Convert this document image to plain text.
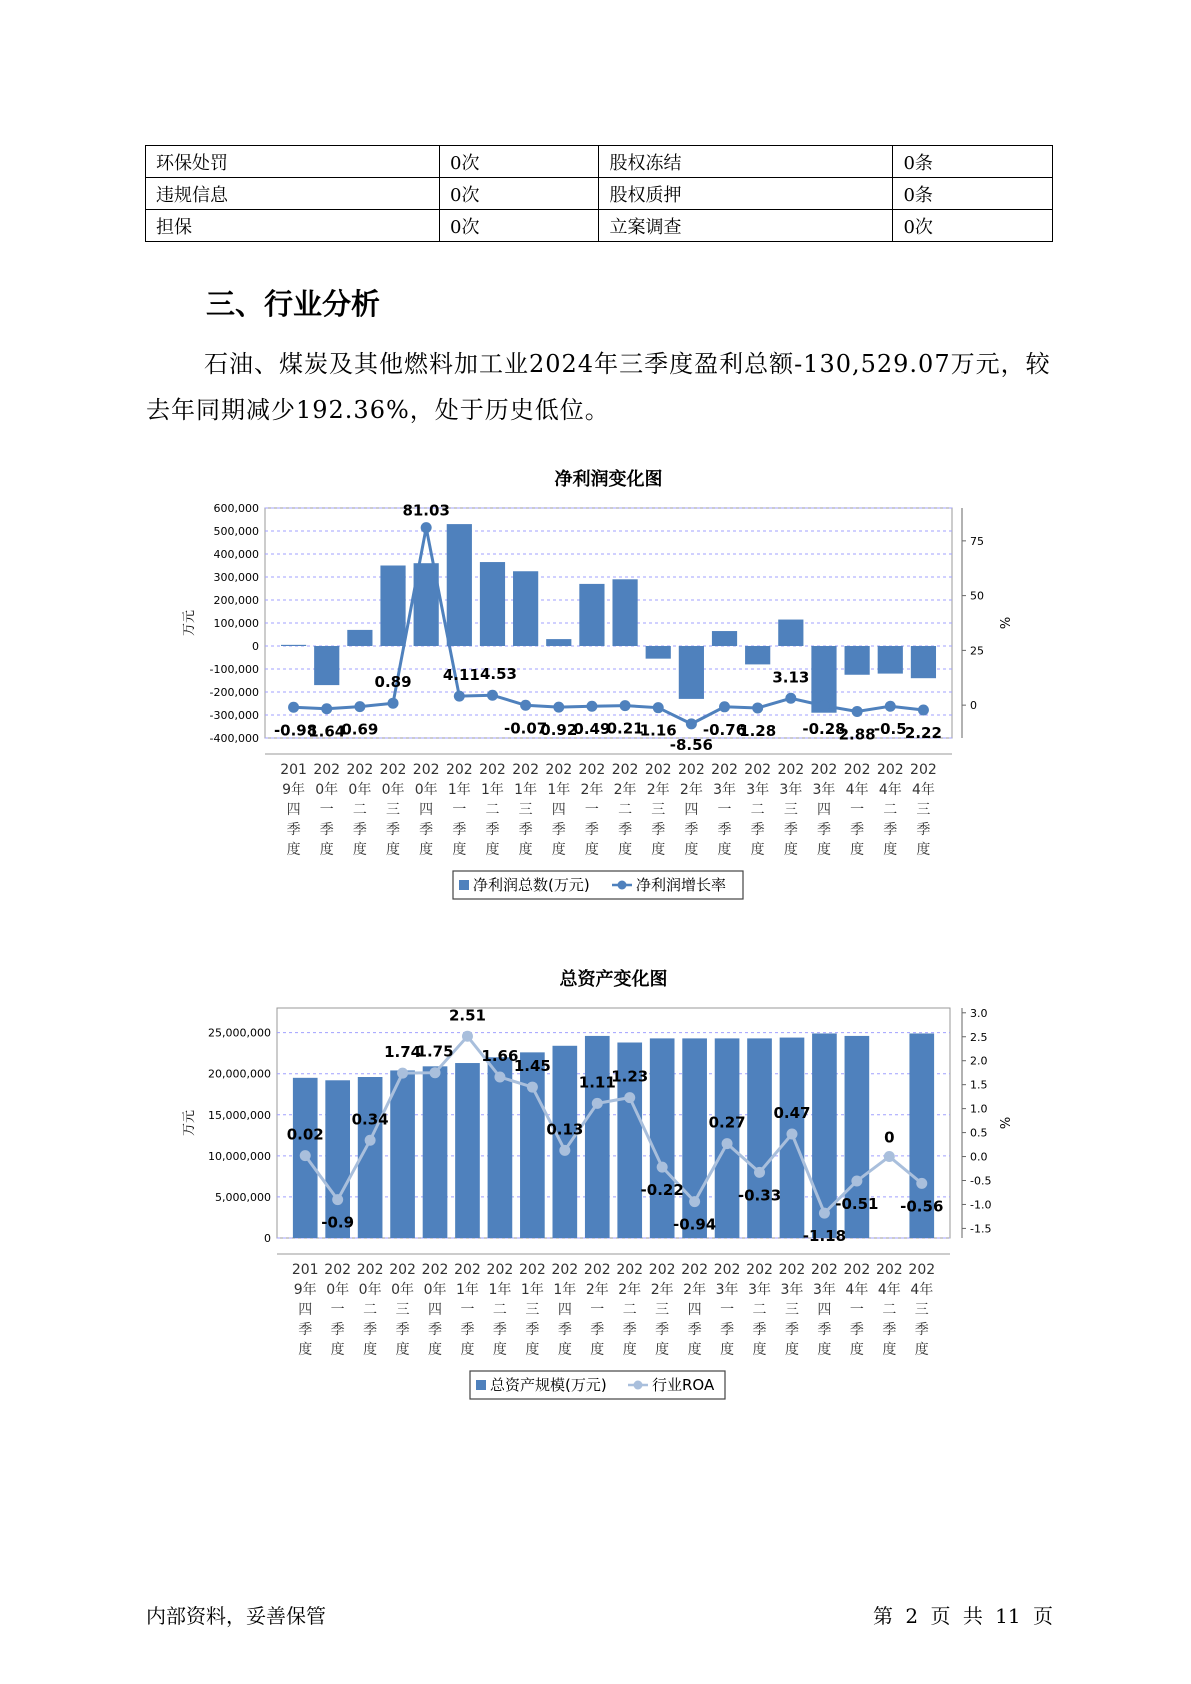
环保处罚	0次	股权冻结	0条
违规信息	0次	股权质押	0条
担保	0次	立案调查	0次
三、行业分析

石油、煤炭及其他燃料加工业2024年三季度盈利总额-130,529.07万元，较去年同期减少192.36%，处于历史低位。

净利润变化图
600,000
500,000
400,000
300,000
200,000
100,000
0
-100,000
-200,000
-300,000
-400,000
万元
75
50
25
0
%
-0.98
1.64
0.69
0.89
81.03
4.11 4.53
-0.07
0.92
0.49
0.21
1.16
-8.56
-0.76
1.28
3.13
-0.28
2.88
-0.5
2.22
201 9年四季度
202 0年一季度
202 0年二季度
202 0年三季度
202 0年四季度
202 1年一季度
202 1年二季度
202 1年三季度
202 1年四季度
202 2年一季度
202 2年二季度
202 2年三季度
202 2年四季度
202 3年一季度
202 3年二季度
202 3年三季度
202 3年四季度
202 4年一季度
202 4年二季度
202 4年三季度
净利润总数(万元)	净利润增长率
总资产变化图
25,000,000
20,000,000
15,000,000
10,000,000
5,000,000
0
万元
3.0
2.5
2.0
1.5
1.0
0.5
0.0
-0.5
-1.0
-1.5
%
0.02
-0.9
0.34
1.74
1.75
2.51
1.66
1.45
0.13
1.11
1.23
-0.22
-0.94
0.27
-0.33
0.47
-1.18
-0.51
0
-0.56
201 9年四季度
202 0年一季度
202 0年二季度
202 0年三季度
202 0年四季度
202 1年一季度
202 1年二季度
202 1年三季度
202 1年四季度
202 2年一季度
202 2年二季度
202 2年三季度
202 2年四季度
202 3年一季度
202 3年二季度
202 3年三季度
202 3年四季度
202 4年一季度
202 4年二季度
202 4年三季度
总资产规模(万元)	行业ROA
内部资料，妥善保管	第 2 页 共 11 页
